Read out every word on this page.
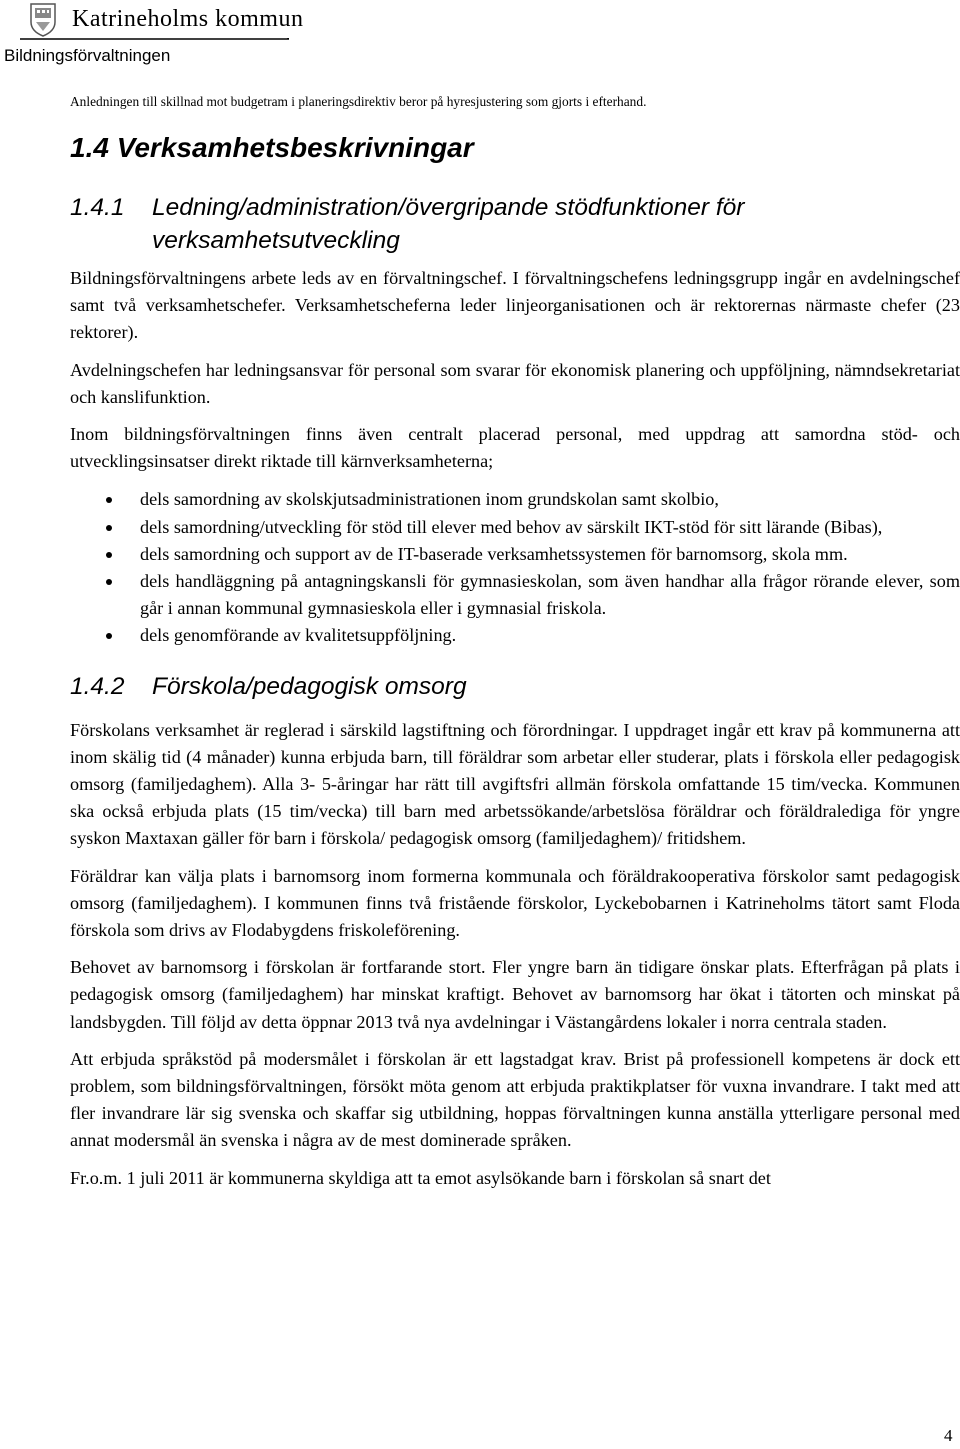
Katrineholms kommun
Bildningsförvaltningen
Anledningen till skillnad mot budgetram i planeringsdirektiv beror på hyresjustering som gjorts i efterhand.
1.4 Verksamhetsbeskrivningar
1.4.1	Ledning/administration/övergripande stödfunktioner för verksamhetsutveckling

Bildningsförvaltningens arbete leds av en förvaltningschef. I förvaltningschefens ledningsgrupp ingår en avdelningschef samt två verksamhetschefer. Verksamhetscheferna leder linjeorganisationen och är rektorernas närmaste chefer (23 rektorer).

Avdelningschefen har ledningsansvar för personal som svarar för ekonomisk planering och uppföljning, nämndsekretariat och kanslifunktion.

Inom bildningsförvaltningen finns även centralt placerad personal, med uppdrag att samordna stöd- och utvecklingsinsatser direkt riktade till kärnverksamheterna;

dels samordning av skolskjutsadministrationen inom grundskolan samt skolbio,
dels samordning/utveckling för stöd till elever med behov av särskilt IKT-stöd för sitt lärande (Bibas),
dels samordning och support av de IT-baserade verksamhetssystemen för barnomsorg, skola mm.
dels handläggning på antagningskansli för gymnasieskolan, som även handhar alla frågor rörande elever, som går i annan kommunal gymnasieskola eller i gymnasial friskola.
dels genomförande av kvalitetsuppföljning.
1.4.2	Förskola/pedagogisk omsorg

Förskolans verksamhet är reglerad i särskild lagstiftning och förordningar. I uppdraget ingår ett krav på kommunerna att inom skälig tid (4 månader) kunna erbjuda barn, till föräldrar som arbetar eller studerar, plats i förskola eller pedagogisk omsorg (familjedaghem). Alla 3- 5-åringar har rätt till avgiftsfri allmän förskola omfattande 15 tim/vecka. Kommunen ska också erbjuda plats (15 tim/vecka) till barn med arbetssökande/arbetslösa föräldrar och föräldralediga för yngre syskon Maxtaxan gäller för barn i förskola/ pedagogisk omsorg (familjedaghem)/ fritidshem.

Föräldrar kan välja plats i barnomsorg inom formerna kommunala och föräldrakooperativa förskolor samt pedagogisk omsorg (familjedaghem). I kommunen finns två fristående förskolor, Lyckebobarnen i Katrineholms tätort samt Floda förskola som drivs av Flodabygdens friskoleförening.

Behovet av barnomsorg i förskolan är fortfarande stort. Fler yngre barn än tidigare önskar plats. Efterfrågan på plats i pedagogisk omsorg (familjedaghem) har minskat kraftigt. Behovet av barnomsorg har ökat i tätorten och minskat på landsbygden. Till följd av detta öppnar 2013 två nya avdelningar i Västangårdens lokaler i norra centrala staden.

Att erbjuda språkstöd på modersmålet i förskolan är ett lagstadgat krav. Brist på professionell kompetens är dock ett problem, som bildningsförvaltningen, försökt möta genom att erbjuda praktikplatser för vuxna invandrare. I takt med att fler invandrare lär sig svenska och skaffar sig utbildning, hoppas förvaltningen kunna anställa ytterligare personal med annat modersmål än svenska i några av de mest dominerade språken.

Fr.o.m. 1 juli 2011 är kommunerna skyldiga att ta emot asylsökande barn i förskolan så snart det

4
